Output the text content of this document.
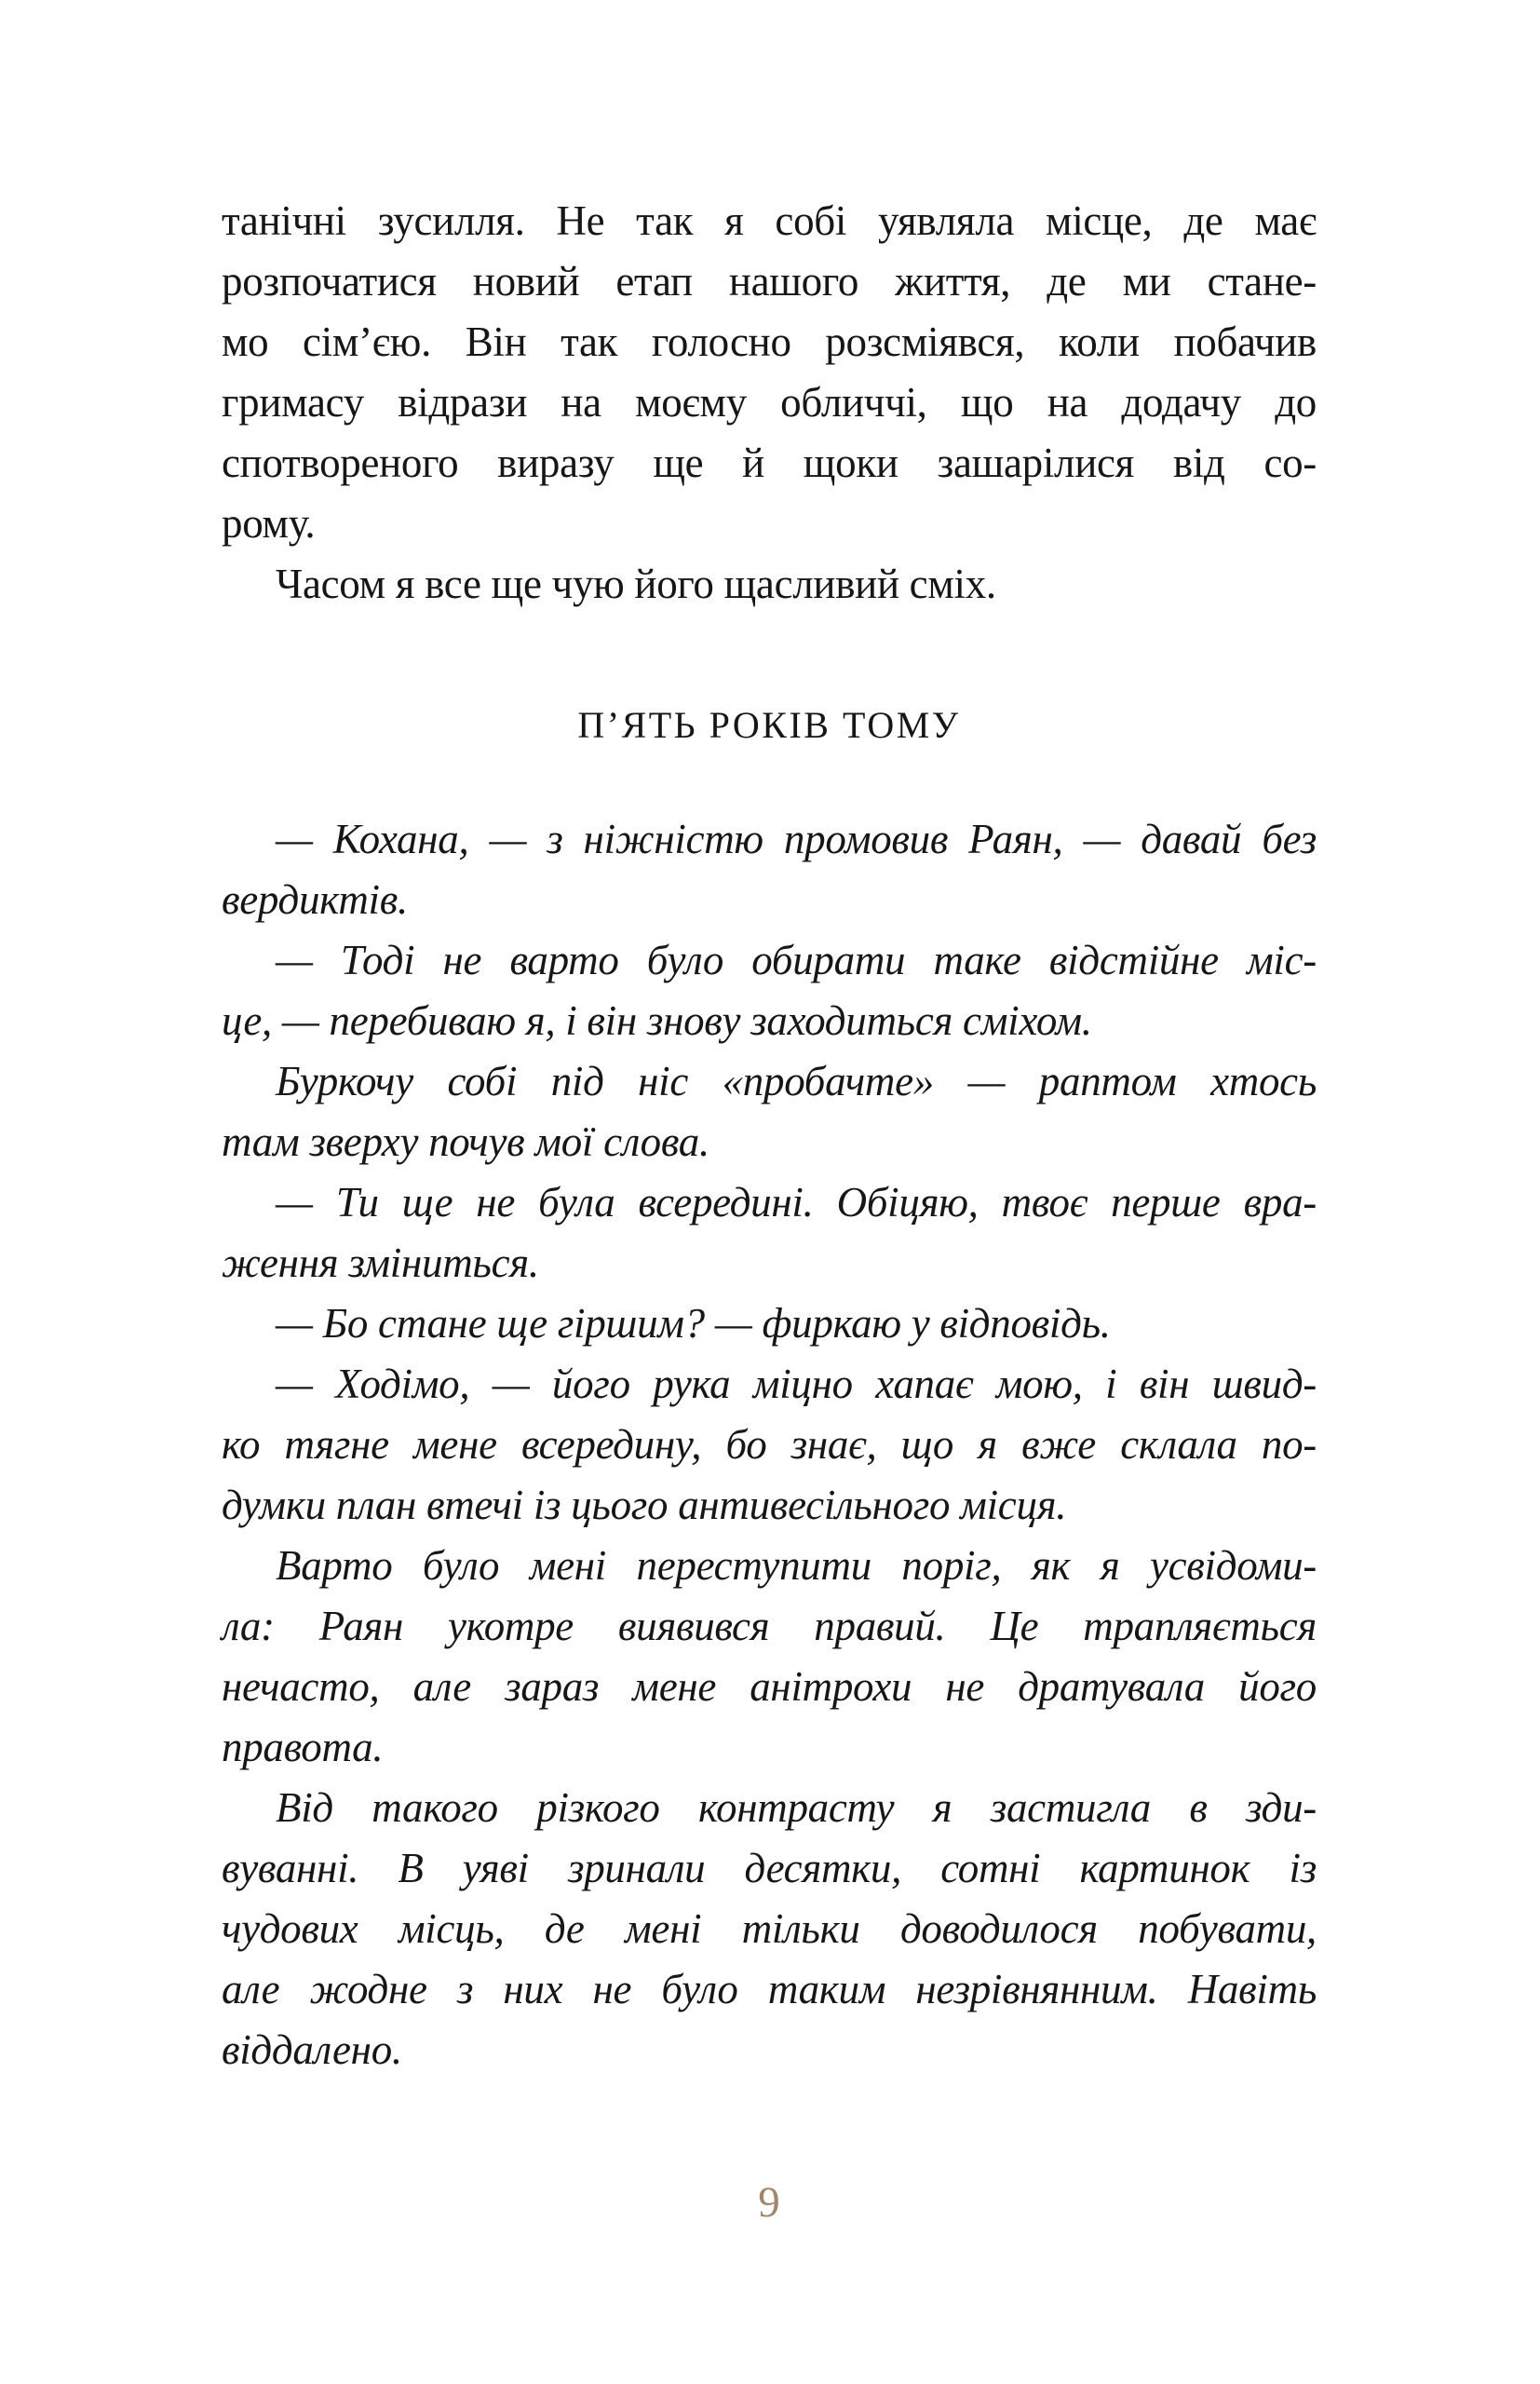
танічні зусилля. Не так я собі уявляла місце, де має
розпочатися новий етап нашого життя, де ми стане-
мо сім’єю. Він так голосно розсміявся, коли побачив
гримасу відрази на моєму обличчі, що на додачу до
спотвореного виразу ще й щоки зашарілися від со-
рому.

Часом я все ще чую його щасливий сміх.

П’ЯТЬ РОКІВ ТОМУ

— Кохана, — з ніжністю промовив Раян, — давай без
вердиктів.

— Тоді не варто було обирати таке відстійне міс-
це, — перебиваю я, і він знову заходиться сміхом.

Буркочу собі під ніс «пробачте» — раптом хтось
там зверху почув мої слова.

— Ти ще не була всередині. Обіцяю, твоє перше вра-
ження зміниться.

— Бо стане ще гіршим? — фиркаю у відповідь.

— Ходімо, — його рука міцно хапає мою, і він швид-
ко тягне мене всередину, бо знає, що я вже склала по-
думки план втечі із цього антивесільного місця.

Варто було мені переступити поріг, як я усвідоми-
ла: Раян укотре виявився правий. Це трапляється
нечасто, але зараз мене анітрохи не дратувала його
правота.

Від такого різкого контрасту я застигла в зди-
вуванні. В уяві зринали десятки, сотні картинок із
чудових місць, де мені тільки доводилося побувати,
але жодне з них не було таким незрівнянним. Навіть
віддалено.

9
